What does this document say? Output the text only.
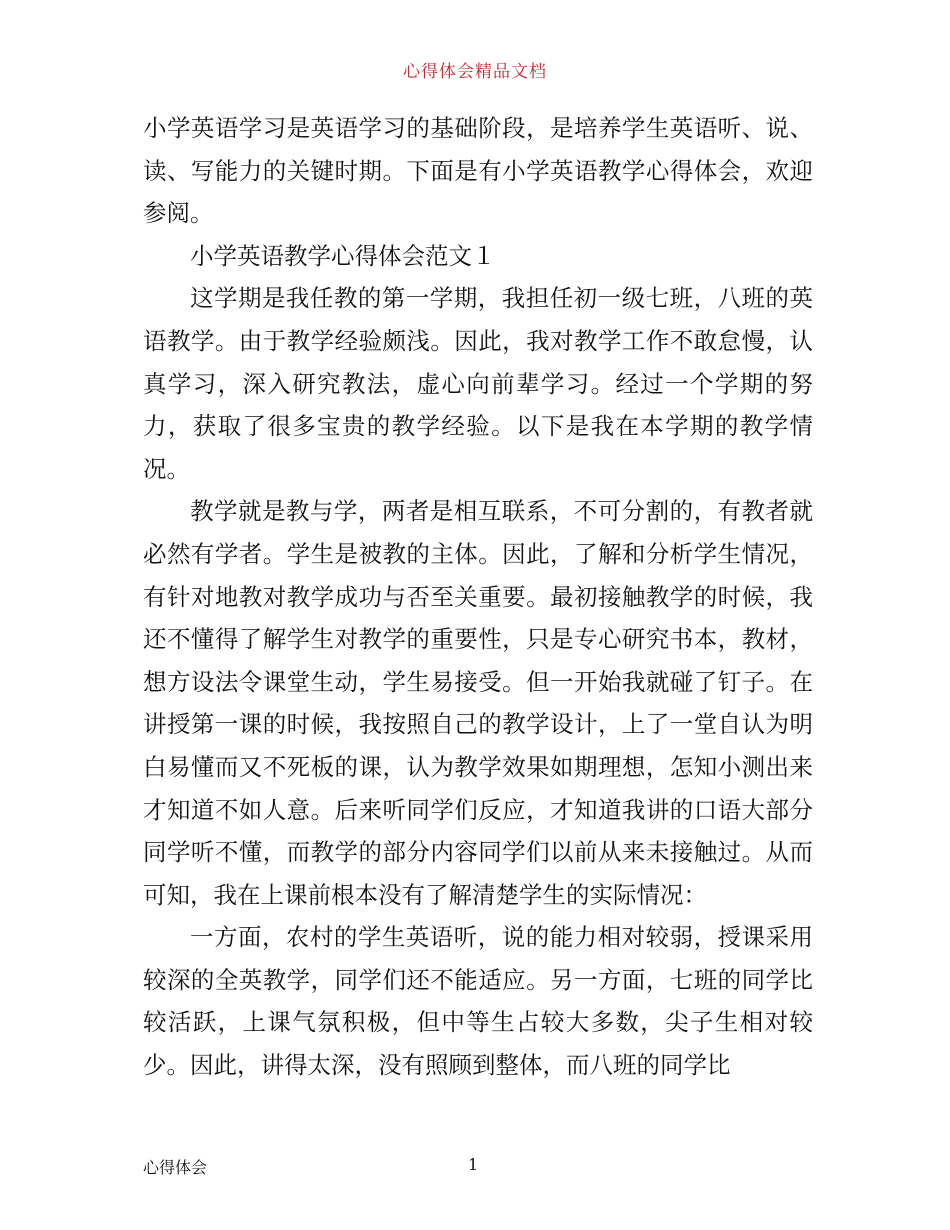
心得体会精品文档

小学英语学习是英语学习的基础阶段，是培养学生英语听、说、读、写能力的关键时期。下面是有小学英语教学心得体会，欢迎参阅。

小学英语教学心得体会范文１

这学期是我任教的第一学期，我担任初一级七班，八班的英语教学。由于教学经验颇浅。因此，我对教学工作不敢怠慢，认真学习，深入研究教法，虚心向前辈学习。经过一个学期的努力，获取了很多宝贵的教学经验。以下是我在本学期的教学情况。

教学就是教与学，两者是相互联系，不可分割的，有教者就必然有学者。学生是被教的主体。因此，了解和分析学生情况，有针对地教对教学成功与否至关重要。最初接触教学的时候，我还不懂得了解学生对教学的重要性，只是专心研究书本，教材，想方设法令课堂生动，学生易接受。但一开始我就碰了钉子。在讲授第一课的时候，我按照自己的教学设计，上了一堂自认为明白易懂而又不死板的课，认为教学效果如期理想，怎知小测出来才知道不如人意。后来听同学们反应，才知道我讲的口语大部分同学听不懂，而教学的部分内容同学们以前从来未接触过。从而可知，我在上课前根本没有了解清楚学生的实际情况：

一方面，农村的学生英语听，说的能力相对较弱，授课采用较深的全英教学，同学们还不能适应。另一方面，七班的同学比较活跃，上课气氛积极，但中等生占较大多数，尖子生相对较少。因此，讲得太深，没有照顾到整体，而八班的同学比

心得体会	1
